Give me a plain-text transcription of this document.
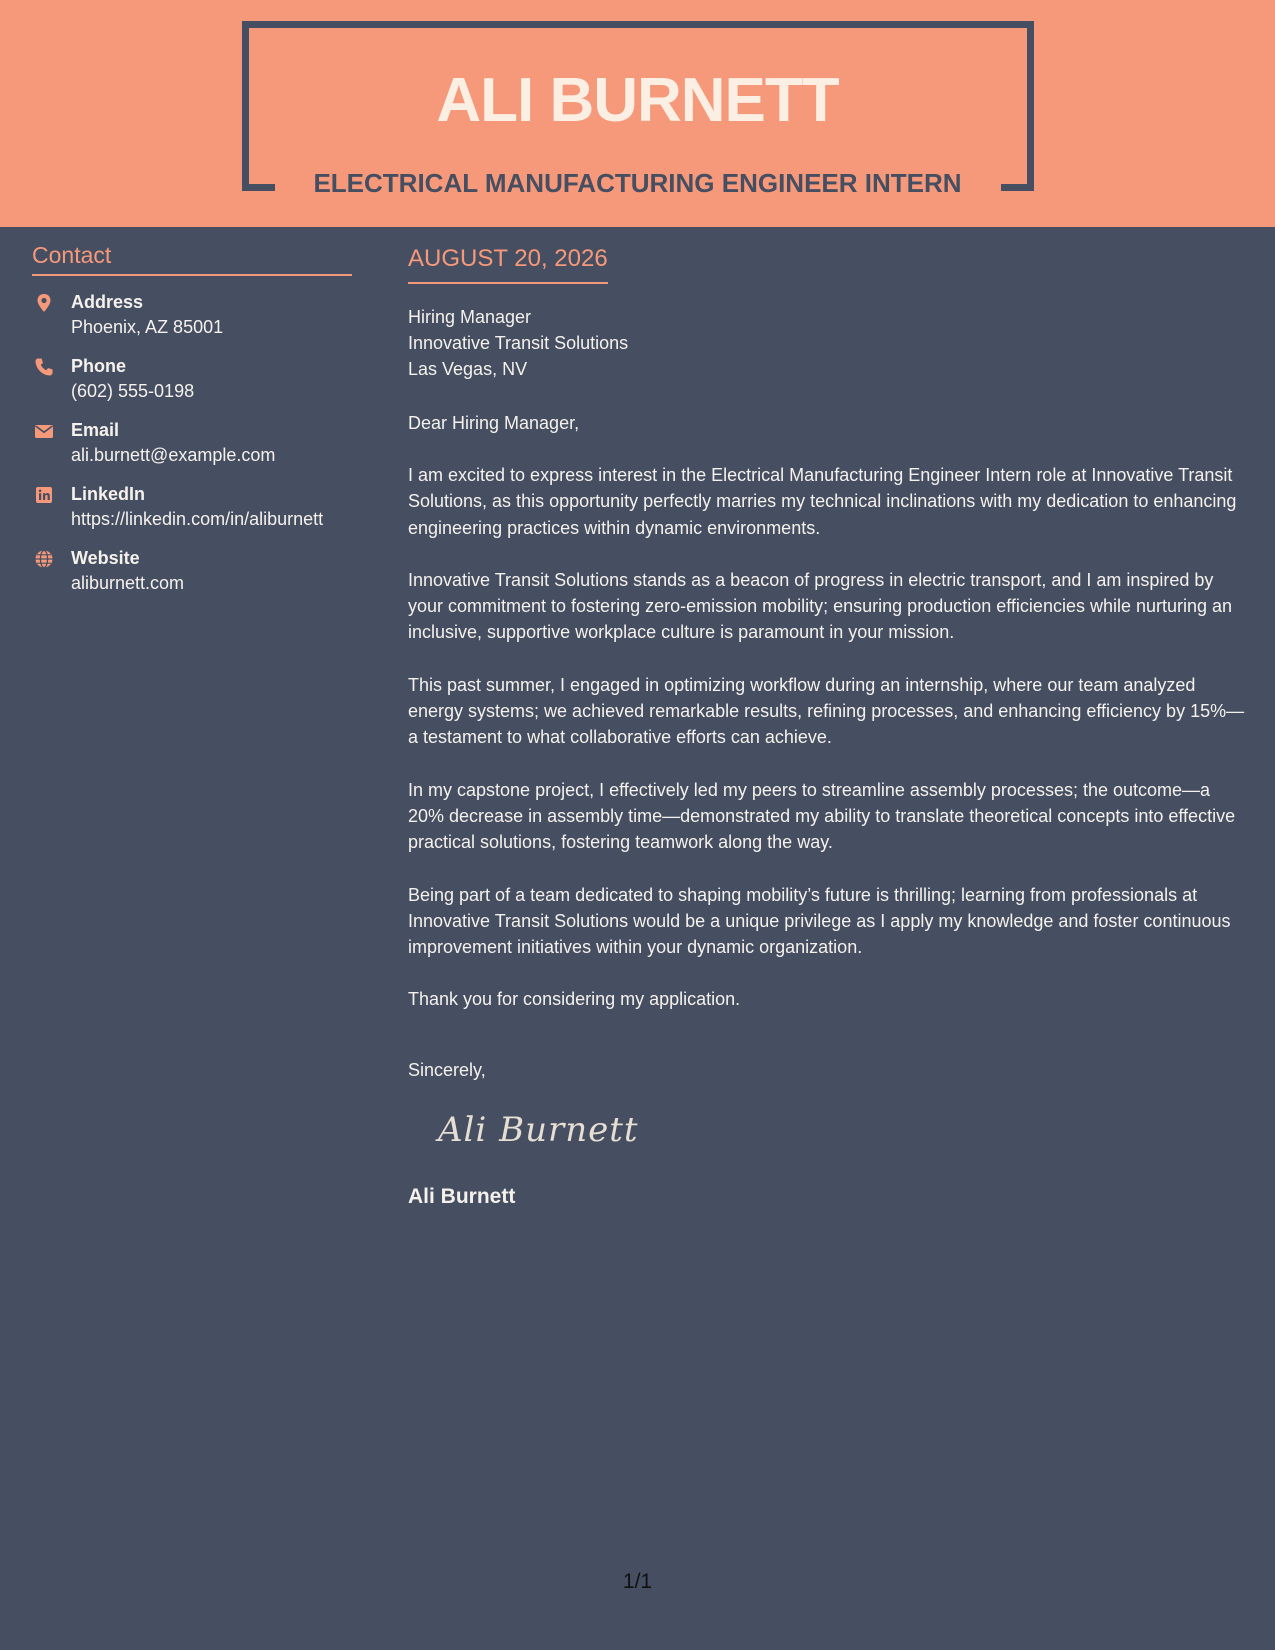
ALI BURNETT
ELECTRICAL MANUFACTURING ENGINEER INTERN
Contact
Address
Phoenix, AZ 85001
Phone
(602) 555-0198
Email
ali.burnett@example.com
LinkedIn
https://linkedin.com/in/aliburnett
Website
aliburnett.com
AUGUST 20, 2026
Hiring Manager
Innovative Transit Solutions
Las Vegas, NV
Dear Hiring Manager,
I am excited to express interest in the Electrical Manufacturing Engineer Intern role at Innovative Transit Solutions, as this opportunity perfectly marries my technical inclinations with my dedication to enhancing engineering practices within dynamic environments.
Innovative Transit Solutions stands as a beacon of progress in electric transport, and I am inspired by your commitment to fostering zero-emission mobility; ensuring production efficiencies while nurturing an inclusive, supportive workplace culture is paramount in your mission.
This past summer, I engaged in optimizing workflow during an internship, where our team analyzed energy systems; we achieved remarkable results, refining processes, and enhancing efficiency by 15%—a testament to what collaborative efforts can achieve.
In my capstone project, I effectively led my peers to streamline assembly processes; the outcome—a 20% decrease in assembly time—demonstrated my ability to translate theoretical concepts into effective practical solutions, fostering teamwork along the way.
Being part of a team dedicated to shaping mobility’s future is thrilling; learning from professionals at Innovative Transit Solutions would be a unique privilege as I apply my knowledge and foster continuous improvement initiatives within your dynamic organization.
Thank you for considering my application.
Sincerely,
Ali Burnett
Ali Burnett
1/1
